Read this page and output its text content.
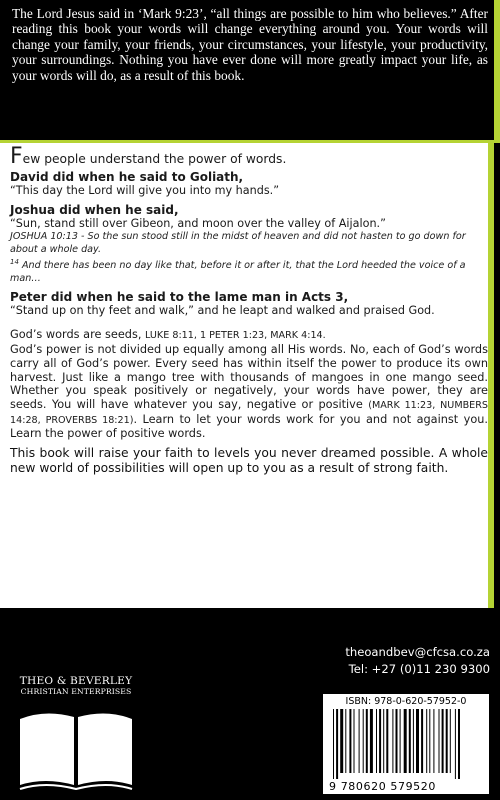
The Lord Jesus said in ‘Mark 9:23’, “all things are possible to him who believes.” After reading this book your words will change everything around you. Your words will change your family, your friends, your circumstances, your lifestyle, your productivity, your surroundings. Nothing you have ever done will more greatly impact your life, as your words will do, as a result of this book.

Few people understand the power of words.

David did when he said to Goliath,

“This day the Lord will give you into my hands.”

Joshua did when he said,

“Sun, stand still over Gibeon, and moon over the valley of Aijalon.”

JOSHUA 10:13 - So the sun stood still in the midst of heaven and did not hasten to go down for about a whole day.
$^{14}$ And there has been no day like that, before it or after it, that the Lord heeded the voice of a man…

Peter did when he said to the lame man in Acts 3,

“Stand up on thy feet and walk,” and he leapt and walked and praised God.

God’s words are seeds, LUKE 8:11, 1 PETER 1:23, MARK 4:14.

God’s power is not divided up equally among all His words. No, each of God’s words carry all of God’s power. Every seed has within itself the power to produce its own harvest. Just like a mango tree with thousands of mangoes in one mango seed. Whether you speak positively or negatively, your words have power, they are seeds. You will have whatever you say, negative or positive (MARK 11:23, NUMBERS 14:28, PROVERBS 18:21). Learn to let your words work for you and not against you. Learn the power of positive words.

This book will raise your faith to levels you never dreamed possible. A whole new world of possibilities will open up to you as a result of strong faith.

theoandbev@cfcsa.co.za
Tel: +27 (0)11 230 9300
THEO & BEVERLEY
CHRISTIAN ENTERPRISES
ISBN: 978-0-620-57952-0
9 780620 579520
